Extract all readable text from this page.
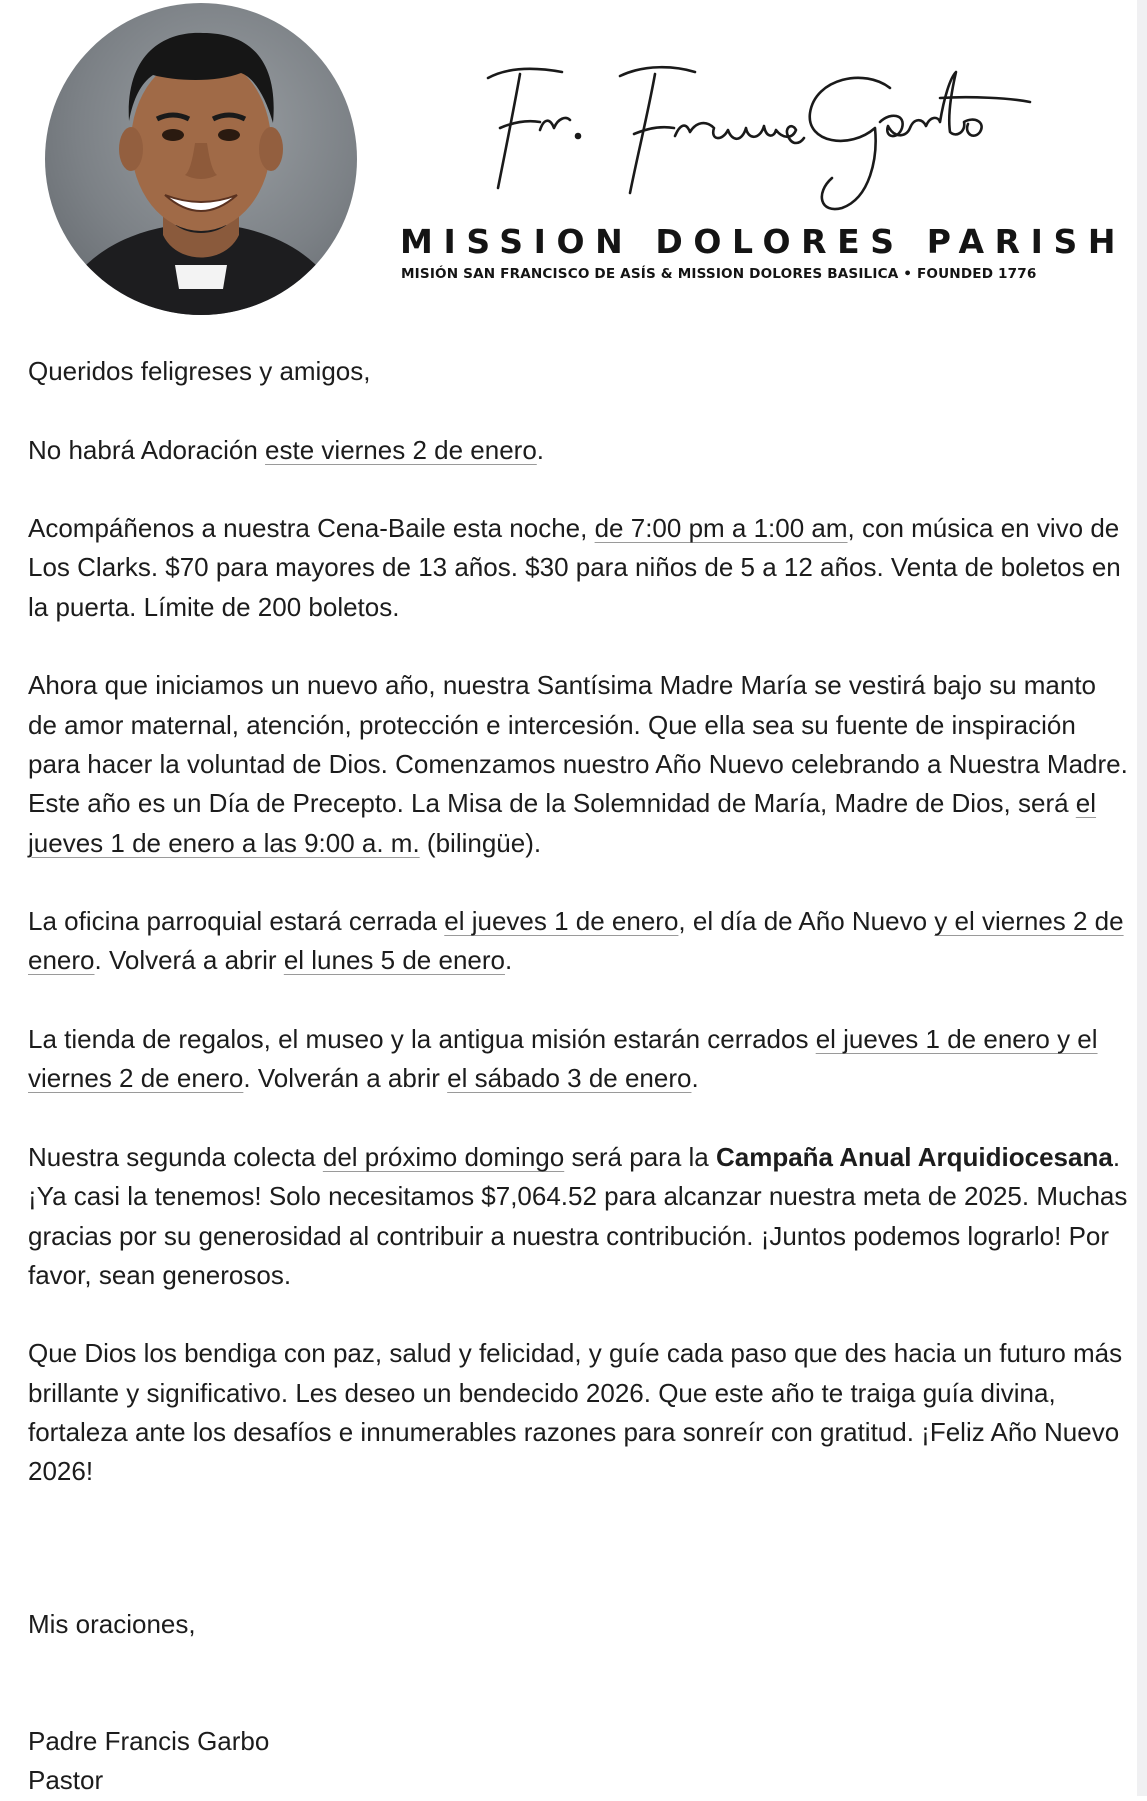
MISSION DOLORES PARISH
MISIÓN SAN FRANCISCO DE ASÍS & MISSION DOLORES BASILICA • FOUNDED 1776

Queridos feligreses y amigos,

No habrá Adoración este viernes 2 de enero.

Acompáñenos a nuestra Cena-Baile esta noche, de 7:00 pm a 1:00 am, con música en vivo de Los Clarks. $70 para mayores de 13 años. $30 para niños de 5 a 12 años. Venta de boletos en la puerta. Límite de 200 boletos.

Ahora que iniciamos un nuevo año, nuestra Santísima Madre María se vestirá bajo su manto de amor maternal, atención, protección e intercesión. Que ella sea su fuente de inspiración para hacer la voluntad de Dios. Comenzamos nuestro Año Nuevo celebrando a Nuestra Madre. Este año es un Día de Precepto. La Misa de la Solemnidad de María, Madre de Dios, será el jueves 1 de enero a las 9:00 a. m. (bilingüe).

La oficina parroquial estará cerrada el jueves 1 de enero, el día de Año Nuevo y el viernes 2 de enero. Volverá a abrir el lunes 5 de enero.

La tienda de regalos, el museo y la antigua misión estarán cerrados el jueves 1 de enero y el viernes 2 de enero. Volverán a abrir el sábado 3 de enero.

Nuestra segunda colecta del próximo domingo será para la Campaña Anual Arquidiocesana. ¡Ya casi la tenemos! Solo necesitamos $7,064.52 para alcanzar nuestra meta de 2025. Muchas gracias por su generosidad al contribuir a nuestra contribución. ¡Juntos podemos lograrlo! Por favor, sean generosos.

Que Dios los bendiga con paz, salud y felicidad, y guíe cada paso que des hacia un futuro más brillante y significativo. Les deseo un bendecido 2026. Que este año te traiga guía divina, fortaleza ante los desafíos e innumerables razones para sonreír con gratitud. ¡Feliz Año Nuevo 2026!

Mis oraciones,
Padre Francis Garbo
Pastor
